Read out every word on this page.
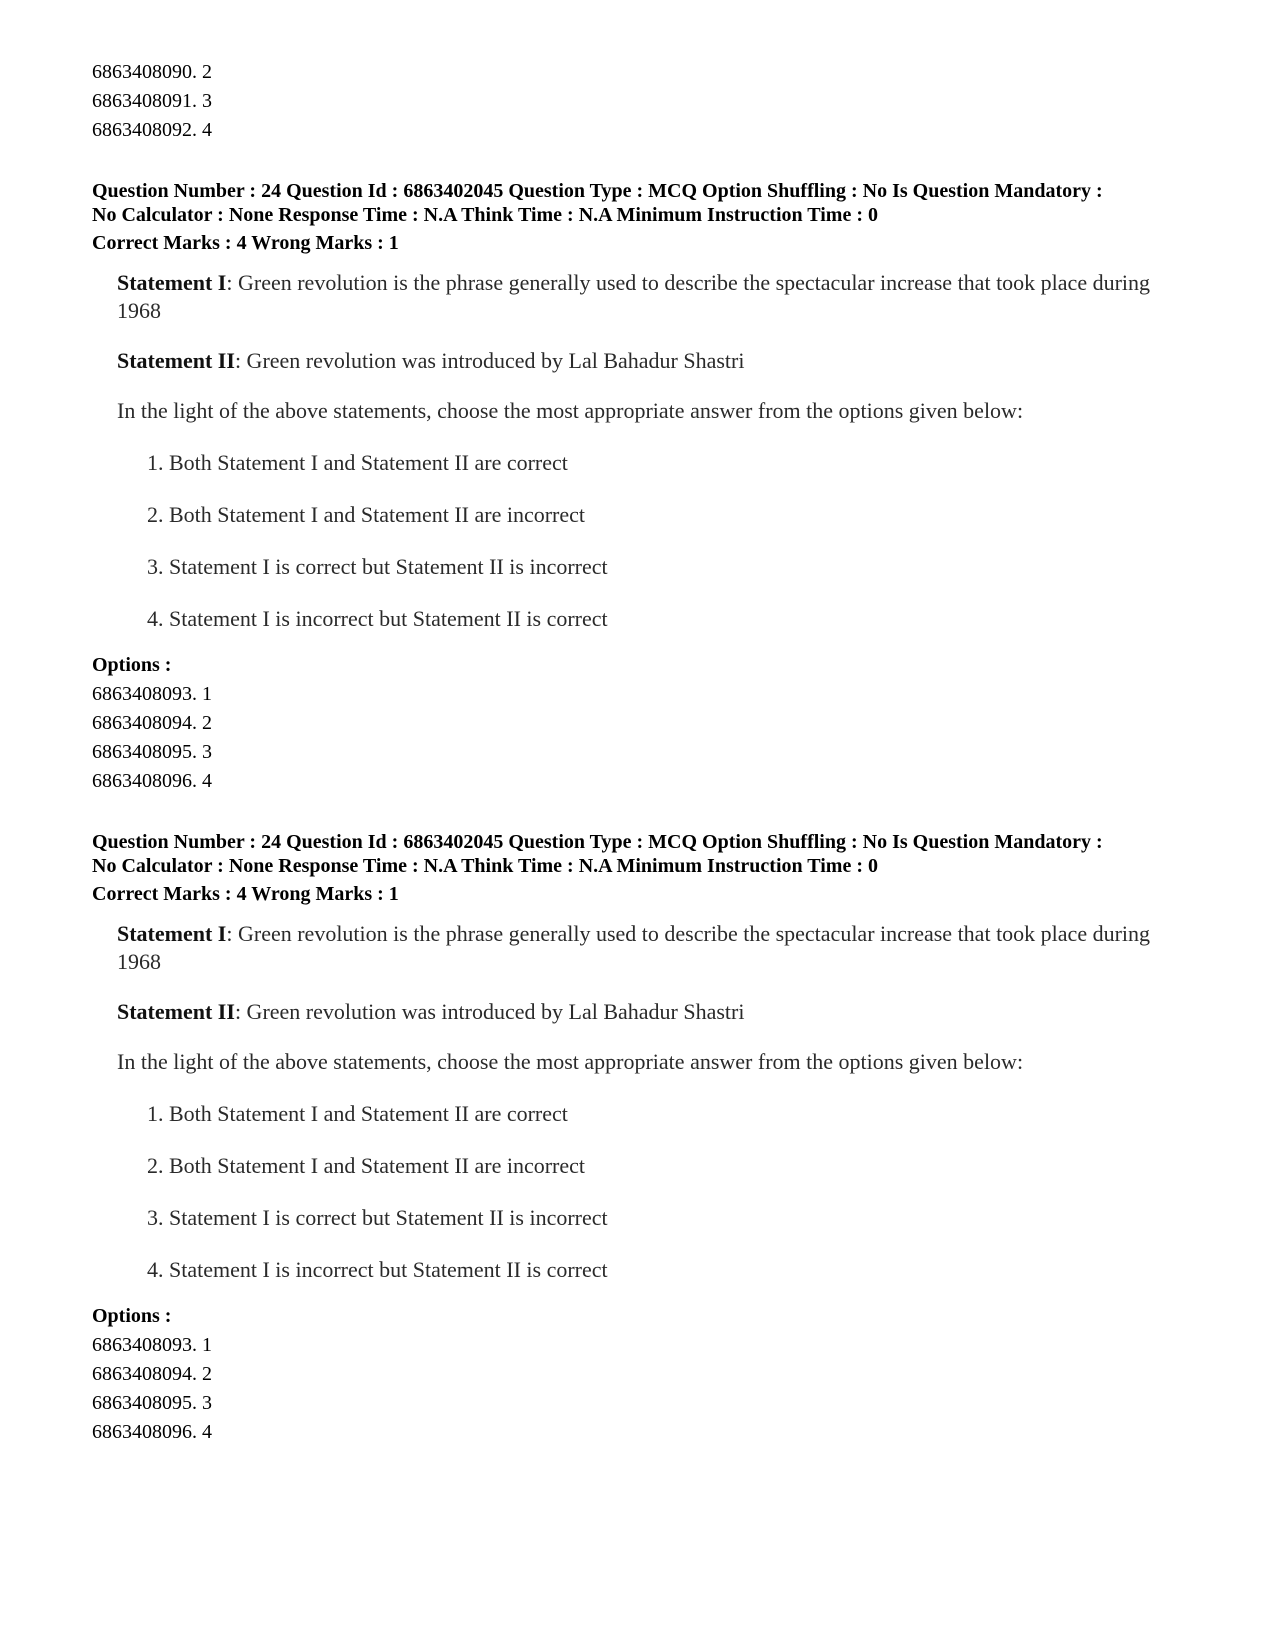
6863408090. 2
6863408091. 3
6863408092. 4
Question Number : 24 Question Id : 6863402045 Question Type : MCQ Option Shuffling : No Is Question Mandatory :
No Calculator : None Response Time : N.A Think Time : N.A Minimum Instruction Time : 0
Correct Marks : 4 Wrong Marks : 1

Statement I: Green revolution is the phrase generally used to describe the spectacular increase that took place during 1968

Statement II: Green revolution was introduced by Lal Bahadur Shastri

In the light of the above statements, choose the most appropriate answer from the options given below:
1. Both Statement I and Statement II are correct
2. Both Statement I and Statement II are incorrect
3. Statement I is correct but Statement II is incorrect
4. Statement I is incorrect but Statement II is correct
Options :
6863408093. 1
6863408094. 2
6863408095. 3
6863408096. 4
Question Number : 24 Question Id : 6863402045 Question Type : MCQ Option Shuffling : No Is Question Mandatory :
No Calculator : None Response Time : N.A Think Time : N.A Minimum Instruction Time : 0
Correct Marks : 4 Wrong Marks : 1

Statement I: Green revolution is the phrase generally used to describe the spectacular increase that took place during 1968

Statement II: Green revolution was introduced by Lal Bahadur Shastri

In the light of the above statements, choose the most appropriate answer from the options given below:
1. Both Statement I and Statement II are correct
2. Both Statement I and Statement II are incorrect
3. Statement I is correct but Statement II is incorrect
4. Statement I is incorrect but Statement II is correct
Options :
6863408093. 1
6863408094. 2
6863408095. 3
6863408096. 4
